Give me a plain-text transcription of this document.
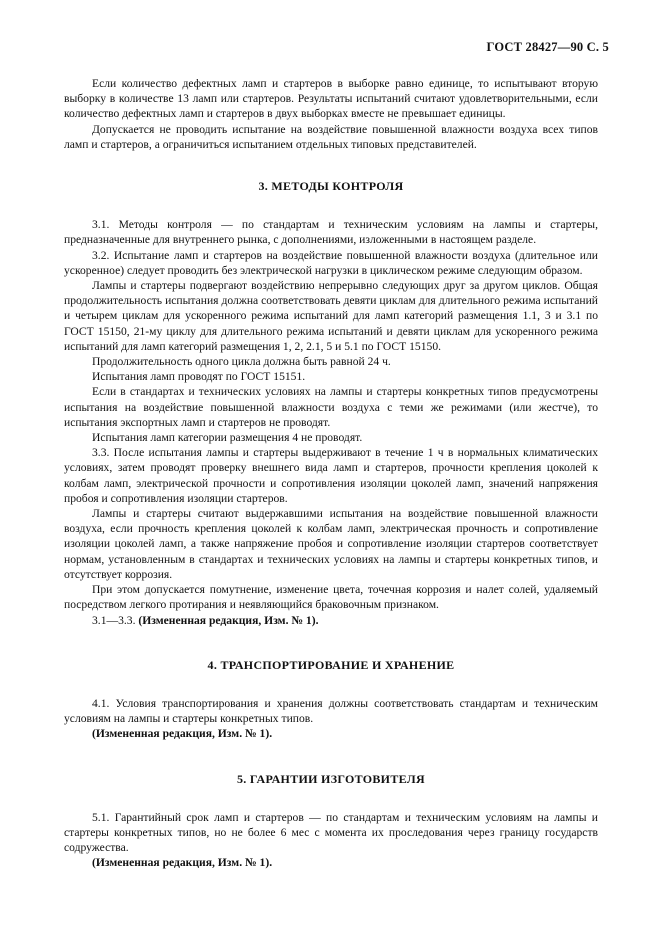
ГОСТ 28427—90 С. 5

Если количество дефектных ламп и стартеров в выборке равно единице, то испытывают вторую выборку в количестве 13 ламп или стартеров. Результаты испытаний считают удовлетворительными, если количество дефектных ламп и стартеров в двух выборках вместе не превышает единицы.

Допускается не проводить испытание на воздействие повышенной влажности воздуха всех типов ламп и стартеров, а ограничиться испытанием отдельных типовых представителей.

3. МЕТОДЫ КОНТРОЛЯ

3.1. Методы контроля — по стандартам и техническим условиям на лампы и стартеры, предназначенные для внутреннего рынка, с дополнениями, изложенными в настоящем разделе.

3.2. Испытание ламп и стартеров на воздействие повышенной влажности воздуха (длительное или ускоренное) следует проводить без электрической нагрузки в циклическом режиме следующим образом.

Лампы и стартеры подвергают воздействию непрерывно следующих друг за другом циклов. Общая продолжительность испытания должна соответствовать девяти циклам для длительного режима испытаний и четырем циклам для ускоренного режима испытаний для ламп категорий размещения 1.1, 3 и 3.1 по ГОСТ 15150, 21-му циклу для длительного режима испытаний и девяти циклам для ускоренного режима испытаний для ламп категорий размещения 1, 2, 2.1, 5 и 5.1 по ГОСТ 15150.

Продолжительность одного цикла должна быть равной 24 ч.

Испытания ламп проводят по ГОСТ 15151.

Если в стандартах и технических условиях на лампы и стартеры конкретных типов предусмотрены испытания на воздействие повышенной влажности воздуха с теми же режимами (или жестче), то испытания экспортных ламп и стартеров не проводят.

Испытания ламп категории размещения 4 не проводят.

3.3. После испытания лампы и стартеры выдерживают в течение 1 ч в нормальных климатических условиях, затем проводят проверку внешнего вида ламп и стартеров, прочности крепления цоколей к колбам ламп, электрической прочности и сопротивления изоляции цоколей ламп, значений напряжения пробоя и сопротивления изоляции стартеров.

Лампы и стартеры считают выдержавшими испытания на воздействие повышенной влажности воздуха, если прочность крепления цоколей к колбам ламп, электрическая прочность и сопротивление изоляции цоколей ламп, а также напряжение пробоя и сопротивление изоляции стартеров соответствует нормам, установленным в стандартах и технических условиях на лампы и стартеры конкретных типов, и отсутствует коррозия.

При этом допускается помутнение, изменение цвета, точечная коррозия и налет солей, удаляемый посредством легкого протирания и неявляющийся браковочным признаком.

3.1—3.3. (Измененная редакция, Изм. № 1).

4. ТРАНСПОРТИРОВАНИЕ И ХРАНЕНИЕ

4.1. Условия транспортирования и хранения должны соответствовать стандартам и техническим условиям на лампы и стартеры конкретных типов.

(Измененная редакция, Изм. № 1).

5. ГАРАНТИИ ИЗГОТОВИТЕЛЯ

5.1. Гарантийный срок ламп и стартеров — по стандартам и техническим условиям на лампы и стартеры конкретных типов, но не более 6 мес с момента их проследования через границу государств содружества.

(Измененная редакция, Изм. № 1).
